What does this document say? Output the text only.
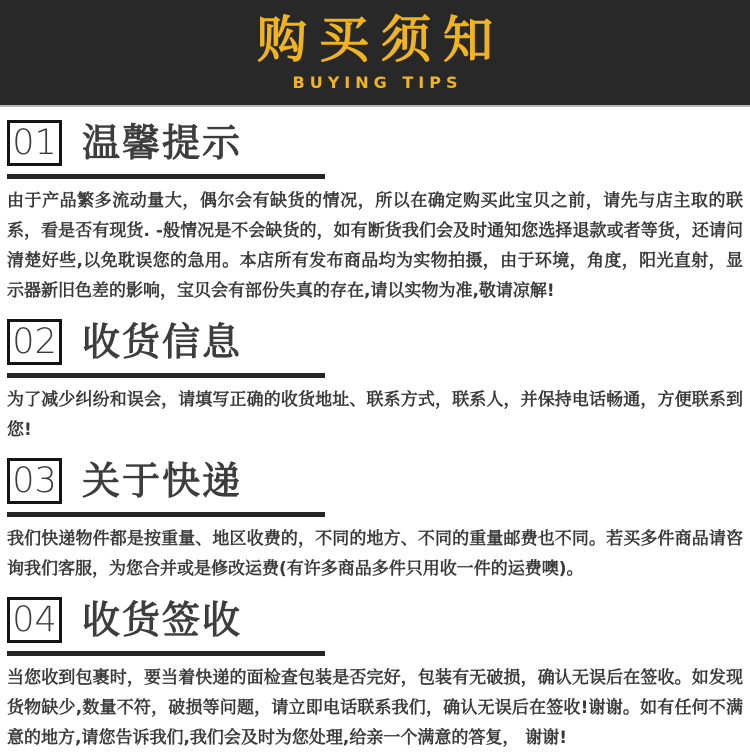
购买须知
BUYING TIPS
01 温馨提示

由于产品繁多流动量大，偶尔会有缺货的情况，所以在确定购买此宝贝之前，请先与店主取的联系，看是否有现货. -般情况是不会缺货的，如有断货我们会及时通知您选择退款或者等货，还请问清楚好些,以免耽误您的急用。本店所有发布商品均为实物拍摄，由于环境，角度，阳光直射，显示器新旧色差的影响，宝贝会有部份失真的存在,请以实物为准,敬请凉解!

02 收货信息

为了减少纠纷和误会，请填写正确的收货地址、联系方式，联系人，并保持电话畅通，方便联系到您!

03 关于快递

我们快递物件都是按重量、地区收费的，不同的地方、不同的重量邮费也不同。若买多件商品请咨询我们客服，为您合并或是修改运费(有许多商品多件只用收一件的运费噢)。

04 收货签收

当您收到包裹时，要当着快递的面检查包装是否完好，包装有无破损，确认无误后在签收。如发现货物缺少,数量不符，破损等问题，请立即电话联系我们，确认无误后在签收!谢谢。如有任何不满意的地方,请您告诉我们,我们会及时为您处理,给亲一个满意的答复， 谢谢!
